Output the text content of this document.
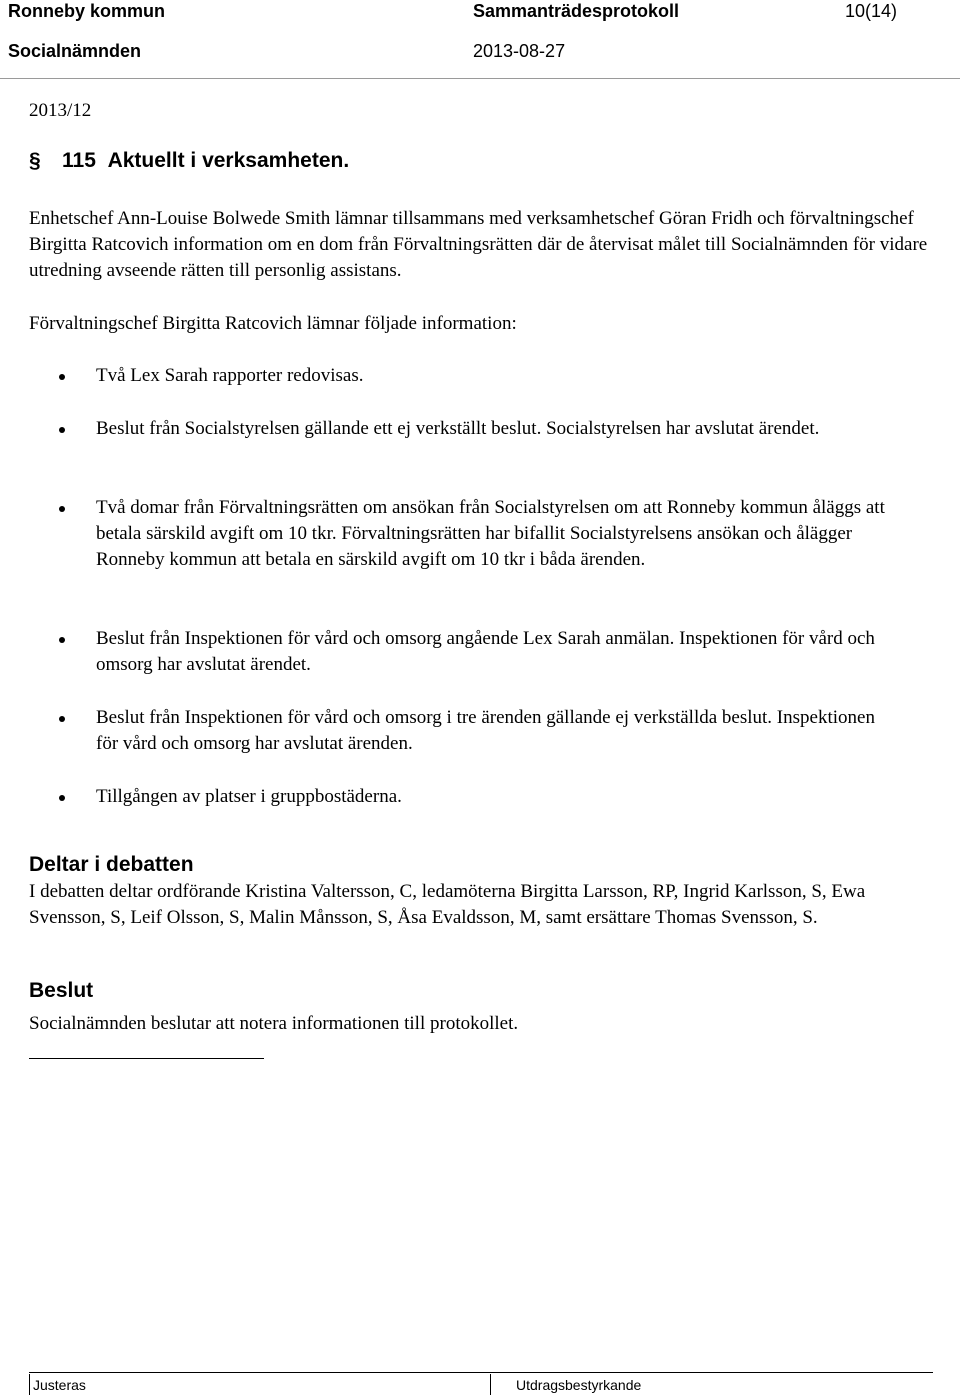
Ronneby kommun	Sammanträdesprotokoll	10(14)
Socialnämnden	2013-08-27
2013/12
§ 115 Aktuellt i verksamheten.
Enhetschef Ann-Louise Bolwede Smith lämnar tillsammans med verksamhetschef Göran Fridh och förvaltningschef Birgitta Ratcovich information om en dom från Förvaltningsrätten där de återvisat målet till Socialnämnden för vidare utredning avseende rätten till personlig assistans.
Förvaltningschef Birgitta Ratcovich lämnar följade information:
Två Lex Sarah rapporter redovisas.
Beslut från Socialstyrelsen gällande ett ej verkställt beslut. Socialstyrelsen har avslutat ärendet.
Två domar från Förvaltningsrätten om ansökan från Socialstyrelsen om att Ronneby kommun åläggs att betala särskild avgift om 10 tkr. Förvaltningsrätten har bifallit Socialstyrelsens ansökan och ålägger Ronneby kommun att betala en särskild avgift om 10 tkr i båda ärenden.
Beslut från Inspektionen för vård och omsorg angående Lex Sarah anmälan. Inspektionen för vård och omsorg har avslutat ärendet.
Beslut från Inspektionen för vård och omsorg i tre ärenden gällande ej verkställda beslut. Inspektionen för vård och omsorg har avslutat ärenden.
Tillgången av platser i gruppbostäderna.
Deltar i debatten
I debatten deltar ordförande Kristina Valtersson, C, ledamöterna Birgitta Larsson, RP, Ingrid Karlsson, S, Ewa Svensson, S, Leif Olsson, S, Malin Månsson, S, Åsa Evaldsson, M, samt ersättare Thomas Svensson, S.
Beslut
Socialnämnden beslutar att notera informationen till protokollet.
Justeras	Utdragsbestyrkande
